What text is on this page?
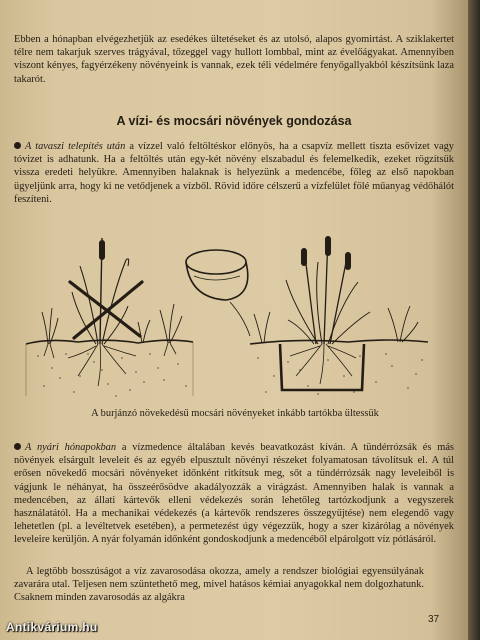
Ebben a hónapban elvégezhetjük az esedékes ültetéseket és az utolsó, alapos gyomirtást. A sziklakertet télre nem takarjuk szerves trágyával, tőzeggel vagy hullott lombbal, mint az évelőágyakat. Amennyiben viszont kényes, fagyérzékeny növényeink is vannak, ezek téli védelmére fenyőgallyakból készítsünk laza takarót.

A vízi- és mocsári növények gondozása

A tavaszi telepítés után a vízzel való feltöltéskor előnyös, ha a csapvíz mellett tiszta esővizet vagy tóvizet is adhatunk. Ha a feltöltés után egy-két növény elszabadul és felemelkedik, ezeket rögzítsük vissza eredeti helyükre. Amennyiben halaknak is helyezünk a medencébe, főleg az első napokban ügyeljünk arra, hogy ki ne vetődjenek a vízből. Rövid időre célszerű a vízfelület fölé műanyag védőhálót feszíteni.

A burjánzó növekedésű mocsári növényeket inkább tartókba ültessük

A nyári hónapokban a vízmedence általában kevés beavatkozást kíván. A tündérrózsák és más növények elsárgult leveleit és az egyéb elpusztult növényi részeket folyamatosan távolítsuk el. A túl erősen növekedő mocsári növényeket időnként ritkítsuk meg, sőt a tündérrózsák nagy leveleiből is vágjunk le néhányat, ha összeérősödve akadályozzák a virágzást. Amennyiben halak is vannak a medencében, az állati kártevők elleni védekezés során lehetőleg tartózkodjunk a vegyszerek használatától. Ha a mechanikai védekezés (a kártevők rendszeres összegyűjtése) nem elegendő vagy lehetetlen (pl. a levéltetvek esetében), a permetezést úgy végezzük, hogy a szer kizárólag a növények leveleire kerüljön. A nyár folyamán időnként gondoskodjunk a medencéből elpárolgott víz pótlásáról.

A legtöbb bosszúságot a víz zavarosodása okozza, amely a rendszer biológiai egyensúlyának zavarára utal. Teljesen nem szüntethető meg, mivel hatásos kémiai anyagokkal nem dolgozhatunk. Csaknem minden zavarosodás az algákra

37
Antikvárium.hu
